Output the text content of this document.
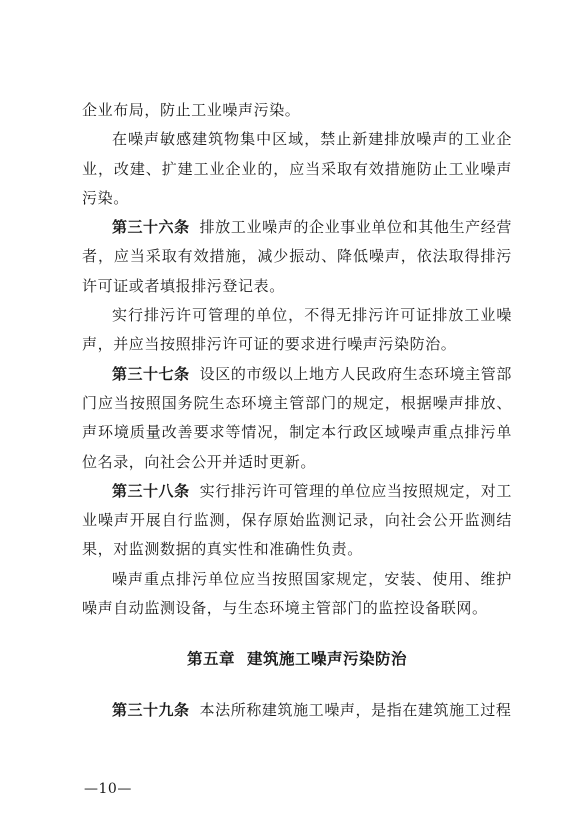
企业布局，防止工业噪声污染。

在噪声敏感建筑物集中区域，禁止新建排放噪声的工业企业，改建、扩建工业企业的，应当采取有效措施防止工业噪声污染。

第三十六条 排放工业噪声的企业事业单位和其他生产经营者，应当采取有效措施，减少振动、降低噪声，依法取得排污许可证或者填报排污登记表。

实行排污许可管理的单位，不得无排污许可证排放工业噪声，并应当按照排污许可证的要求进行噪声污染防治。

第三十七条 设区的市级以上地方人民政府生态环境主管部门应当按照国务院生态环境主管部门的规定，根据噪声排放、声环境质量改善要求等情况，制定本行政区域噪声重点排污单位名录，向社会公开并适时更新。

第三十八条 实行排污许可管理的单位应当按照规定，对工业噪声开展自行监测，保存原始监测记录，向社会公开监测结果，对监测数据的真实性和准确性负责。

噪声重点排污单位应当按照国家规定，安装、使用、维护噪声自动监测设备，与生态环境主管部门的监控设备联网。

第五章 建筑施工噪声污染防治

第三十九条 本法所称建筑施工噪声，是指在建筑施工过程

—10—
